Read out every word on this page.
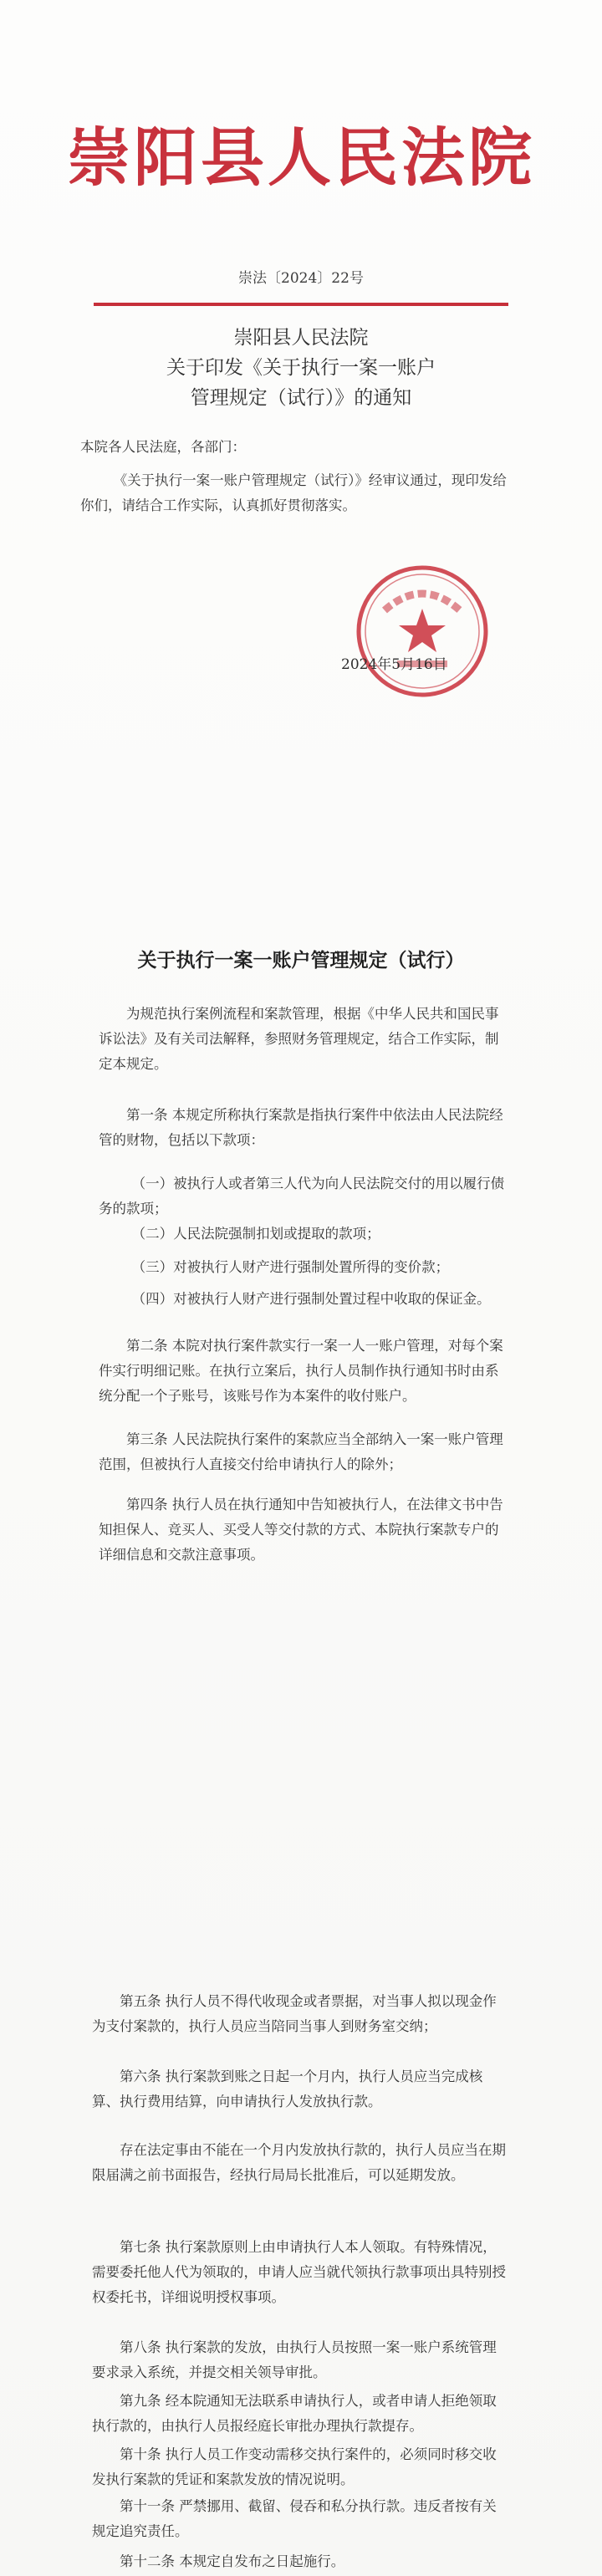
崇阳县人民法院
崇法〔2024〕22号
崇阳县人民法院
关于印发《关于执行一案一账户
管理规定（试行）》的通知

本院各人民法庭，各部门：

《关于执行一案一账户管理规定（试行）》经审议通过，现印发给你们，请结合工作实际，认真抓好贯彻落实。

2024年5月16日
关于执行一案一账户管理规定（试行）

为规范执行案例流程和案款管理，根据《中华人民共和国民事诉讼法》及有关司法解释，参照财务管理规定，结合工作实际，制定本规定。

第一条 本规定所称执行案款是指执行案件中依法由人民法院经管的财物，包括以下款项：

（一）被执行人或者第三人代为向人民法院交付的用以履行债务的款项；

（二）人民法院强制扣划或提取的款项；

（三）对被执行人财产进行强制处置所得的变价款；

（四）对被执行人财产进行强制处置过程中收取的保证金。

第二条 本院对执行案件款实行一案一人一账户管理，对每个案件实行明细记账。在执行立案后，执行人员制作执行通知书时由系统分配一个子账号，该账号作为本案件的收付账户。

第三条 人民法院执行案件的案款应当全部纳入一案一账户管理范围，但被执行人直接交付给申请执行人的除外；

第四条 执行人员在执行通知中告知被执行人，在法律文书中告知担保人、竞买人、买受人等交付款的方式、本院执行案款专户的详细信息和交款注意事项。

第五条 执行人员不得代收现金或者票据，对当事人拟以现金作为支付案款的，执行人员应当陪同当事人到财务室交纳；

第六条 执行案款到账之日起一个月内，执行人员应当完成核算、执行费用结算，向申请执行人发放执行款。

存在法定事由不能在一个月内发放执行款的，执行人员应当在期限届满之前书面报告，经执行局局长批准后，可以延期发放。

第七条 执行案款原则上由申请执行人本人领取。有特殊情况，需要委托他人代为领取的，申请人应当就代领执行款事项出具特别授权委托书，详细说明授权事项。

第八条 执行案款的发放，由执行人员按照一案一账户系统管理要求录入系统，并提交相关领导审批。

第九条 经本院通知无法联系申请执行人，或者申请人拒绝领取执行款的，由执行人员报经庭长审批办理执行款提存。

第十条 执行人员工作变动需移交执行案件的，必须同时移交收发执行案款的凭证和案款发放的情况说明。

第十一条 严禁挪用、截留、侵吞和私分执行款。违反者按有关规定追究责任。

第十二条 本规定自发布之日起施行。
